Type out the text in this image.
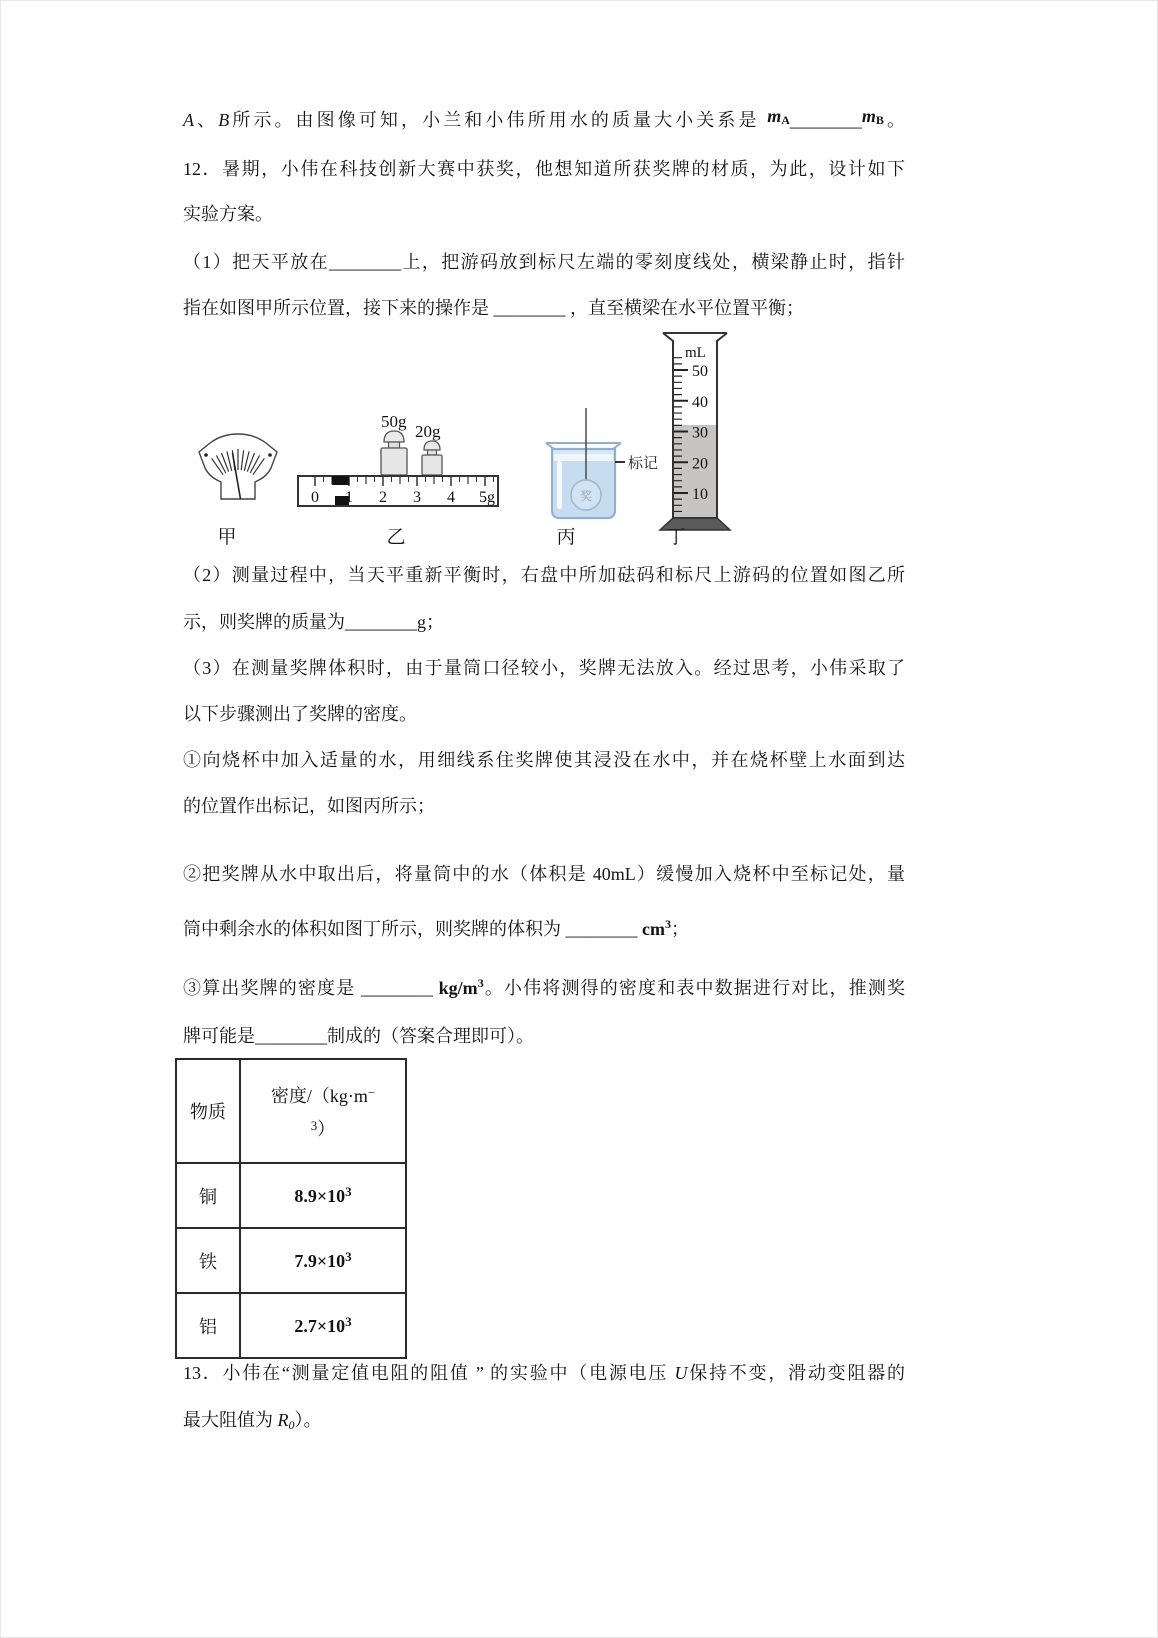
A、B所示。由图像可知，小兰和小伟所用水的质量大小关系是 mA________mB。
12．暑期，小伟在科技创新大赛中获奖，他想知道所获奖牌的材质，为此，设计如下
实验方案。
（1）把天平放在________上，把游码放到标尺左端的零刻度线处，横梁静止时，指针
指在如图甲所示位置，接下来的操作是 ________ ，直至横梁在水平位置平衡；
（2）测量过程中，当天平重新平衡时，右盘中所加砝码和标尺上游码的位置如图乙所
示，则奖牌的质量为________g；
（3）在测量奖牌体积时，由于量筒口径较小，奖牌无法放入。经过思考，小伟采取了
以下步骤测出了奖牌的密度。
①向烧杯中加入适量的水，用细线系住奖牌使其浸没在水中，并在烧杯壁上水面到达
的位置作出标记，如图丙所示；
②把奖牌从水中取出后，将量筒中的水（体积是 40mL）缓慢加入烧杯中至标记处，量
筒中剩余水的体积如图丁所示，则奖牌的体积为 ________ $cm^3$；
③算出奖牌的密度是 ________ $kg/m^3$。小伟将测得的密度和表中数据进行对比，推测奖
牌可能是________制成的（答案合理即可）。
13．小伟在“测量定值电阻的阻值 ” 的实验中（电源电压 U保持不变，滑动变阻器的
最大阻值为 R0）。
50g
20g
0 1 2 3 4 5g	奖
标记
mL
50
40
30
20
10
甲	乙	丙	丁
物质	密度/（kg·m−
$^3$）

铜	$8.9\times 10^3$
铁	$7.9\times 10^3$
铝	$2.7\times 10^3$
